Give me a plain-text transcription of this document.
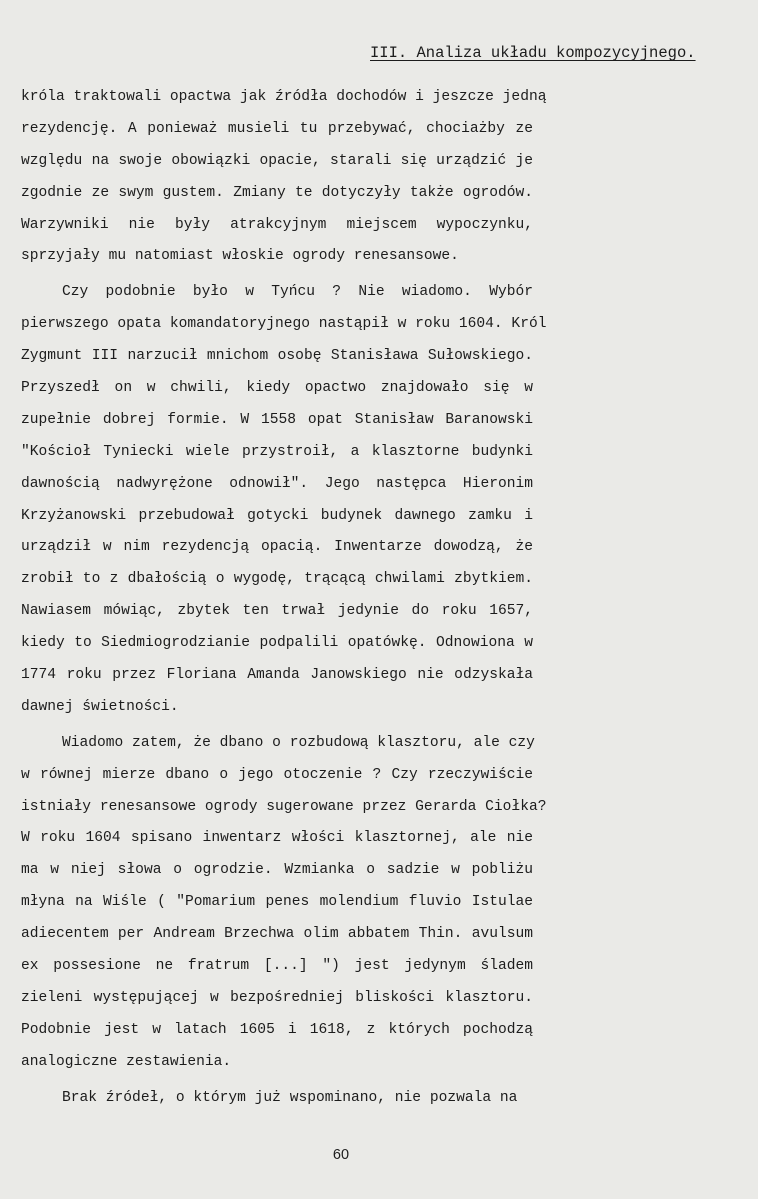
III. Analiza układu kompozycyjnego.
króla traktowali opactwa jak źródła dochodów i jeszcze jedną
rezydencję. A ponieważ musieli tu przebywać, chociażby ze
względu na swoje obowiązki opacie, starali się urządzić je
zgodnie ze swym gustem. Zmiany te dotyczyły także ogrodów.
Warzywniki nie były atrakcyjnym miejscem wypoczynku,
sprzyjały mu natomiast włoskie ogrody renesansowe.
Czy podobnie było w Tyńcu ? Nie wiadomo. Wybór
pierwszego opata komandatoryjnego nastąpił w roku 1604. Król
Zygmunt III narzucił mnichom osobę Stanisława Sułowskiego.
Przyszedł on w chwili, kiedy opactwo znajdowało się w
zupełnie dobrej formie. W 1558 opat Stanisław Baranowski
"Kościoł Tyniecki wiele przystroił, a klasztorne budynki
dawnością nadwyrężone odnowił". Jego następca Hieronim
Krzyżanowski przebudował gotycki budynek dawnego zamku i
urządził w nim rezydencją opacią. Inwentarze dowodzą, że
zrobił to z dbałością o wygodę, trącącą chwilami zbytkiem.
Nawiasem mówiąc, zbytek ten trwał jedynie do roku 1657,
kiedy to Siedmiogrodzianie podpalili opatówkę. Odnowiona w
1774 roku przez Floriana Amanda Janowskiego nie odzyskała
dawnej świetności.
Wiadomo zatem, że dbano o rozbudową klasztoru, ale czy
w równej mierze dbano o jego otoczenie ? Czy rzeczywiście
istniały renesansowe ogrody sugerowane przez Gerarda Ciołka?
W roku 1604 spisano inwentarz włości klasztornej, ale nie
ma w niej słowa o ogrodzie. Wzmianka o sadzie w pobliżu
młyna na Wiśle ( "Pomarium penes molendium fluvio Istulae
adiecentem per Andream Brzechwa olim abbatem Thin. avulsum
ex possesione ne fratrum [...] ") jest jedynym śladem
zieleni występującej w bezpośredniej bliskości klasztoru.
Podobnie jest w latach 1605 i 1618, z których pochodzą
analogiczne zestawienia.
Brak źródeł, o którym już wspominano, nie pozwala na
60
